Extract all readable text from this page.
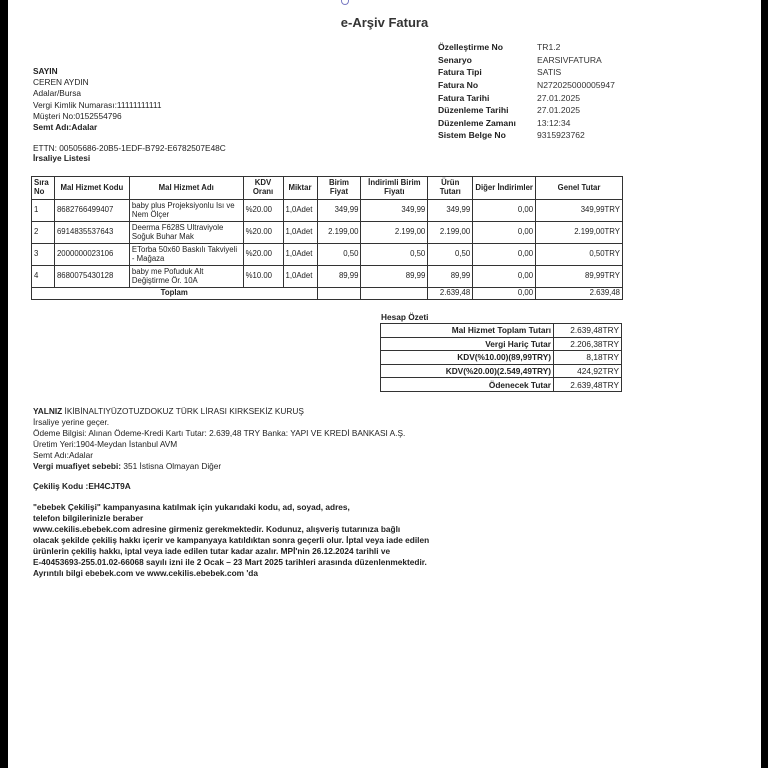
e-Arşiv Fatura
Özelleştirme No	TR1.2
Senaryo	EARSIVFATURA
Fatura Tipi	SATIS
Fatura No	N272025000005947
Fatura Tarihi	27.01.2025
Düzenleme Tarihi	27.01.2025
Düzenleme Zamanı	13:12:34
Sistem Belge No	9315923762
SAYIN
CEREN AYDIN
Adalar/Bursa
Vergi Kimlik Numarası:11111111111
Müşteri No:0152554796
Semt Adı:Adalar
ETTN: 00505686-20B5-1EDF-B792-E6782507E48C
İrsaliye Listesi
Sıra No	Mal Hizmet Kodu	Mal Hizmet Adı	KDV Oranı	Miktar	Birim Fiyat	İndirimli Birim Fiyatı	Ürün Tutarı	Diğer İndirimler	Genel Tutar
1	8682766499407	baby plus Projeksiyonlu Isı ve Nem Ölçer	%20.00	1,0Adet	349,99	349,99	349,99	0,00	349,99TRY
2	6914835537643	Deerma F628S Ultraviyole Soğuk Buhar Mak	%20.00	1,0Adet	2.199,00	2.199,00	2.199,00	0,00	2.199,00TRY
3	2000000023106	ETorba 50x60 Baskılı Takviyeli - Mağaza	%20.00	1,0Adet	0,50	0,50	0,50	0,00	0,50TRY
4	8680075430128	baby me Pofuduk Alt Değiştirme Ör. 10A	%10.00	1,0Adet	89,99	89,99	89,99	0,00	89,99TRY
Toplam							2.639,48	0,00	2.639,48
Hesap Özeti
Mal Hizmet Toplam Tutarı	2.639,48TRY
Vergi Hariç Tutar	2.206,38TRY
KDV(%10.00)(89,99TRY)	8,18TRY
KDV(%20.00)(2.549,49TRY)	424,92TRY
Ödenecek Tutar	2.639,48TRY
YALNIZ İKİBİNALTIYÜZOTUZDOKUZ TÜRK LİRASI KIRKSEKİZ KURUŞ
İrsaliye yerine geçer.
Ödeme Bilgisi: Alınan Ödeme-Kredi Kartı Tutar: 2.639,48 TRY Banka: YAPI VE KREDİ BANKASI A.Ş.
Üretim Yeri:1904-Meydan İstanbul AVM
Semt Adı:Adalar
Vergi muafiyet sebebi: 351 İstisna Olmayan Diğer
Çekiliş Kodu :EH4CJT9A
"ebebek Çekilişi" kampanyasına katılmak için yukarıdaki kodu, ad, soyad, adres,
telefon bilgilerinizle beraber
www.cekilis.ebebek.com adresine girmeniz gerekmektedir. Kodunuz, alışveriş tutarınıza bağlı
olacak şekilde çekiliş hakkı içerir ve kampanyaya katıldıktan sonra geçerli olur. İptal veya iade edilen
ürünlerin çekiliş hakkı, iptal veya iade edilen tutar kadar azalır. MPİ'nin 26.12.2024 tarihli ve
E-40453693-255.01.02-66068 sayılı izni ile 2 Ocak – 23 Mart 2025 tarihleri arasında düzenlenmektedir.
Ayrıntılı bilgi ebebek.com ve www.cekilis.ebebek.com 'da
